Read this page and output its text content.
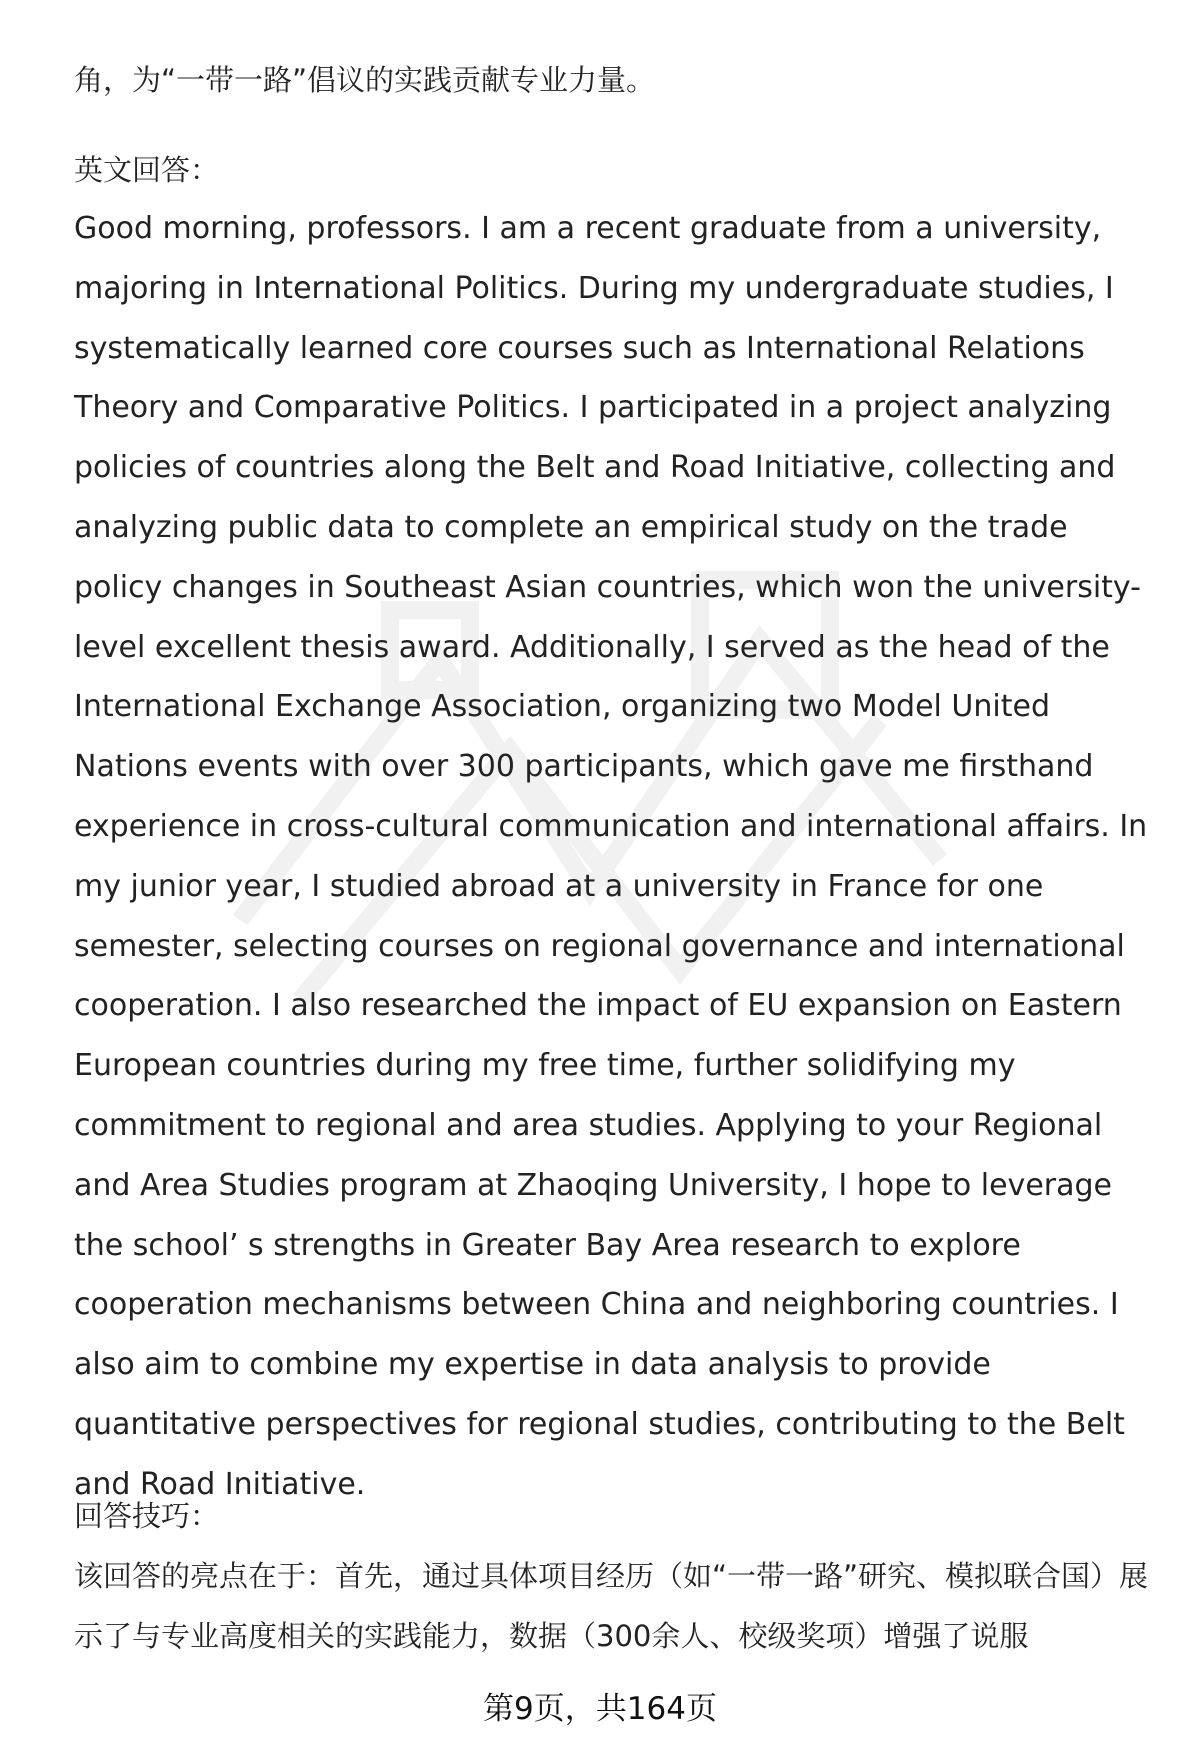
角，为“一带一路”倡议的实践贡献专业力量。
英文回答：
Good morning, professors. I am a recent graduate from a university, majoring in International Politics. During my undergraduate studies, I systematically learned core courses such as International Relations Theory and Comparative Politics. I participated in a project analyzing policies of countries along the Belt and Road Initiative, collecting and analyzing public data to complete an empirical study on the trade policy changes in Southeast Asian countries, which won the university-level excellent thesis award. Additionally, I served as the head of the International Exchange Association, organizing two Model United Nations events with over 300 participants, which gave me firsthand experience in cross-cultural communication and international affairs. In my junior year, I studied abroad at a university in France for one semester, selecting courses on regional governance and international cooperation. I also researched the impact of EU expansion on Eastern European countries during my free time, further solidifying my commitment to regional and area studies. Applying to your Regional and Area Studies program at Zhaoqing University, I hope to leverage the school’ s strengths in Greater Bay Area research to explore cooperation mechanisms between China and neighboring countries. I also aim to combine my expertise in data analysis to provide quantitative perspectives for regional studies, contributing to the Belt and Road Initiative.
回答技巧：
该回答的亮点在于：首先，通过具体项目经历（如“一带一路”研究、模拟联合国）展示了与专业高度相关的实践能力，数据（300余人、校级奖项）增强了说服
第9页，共164页
